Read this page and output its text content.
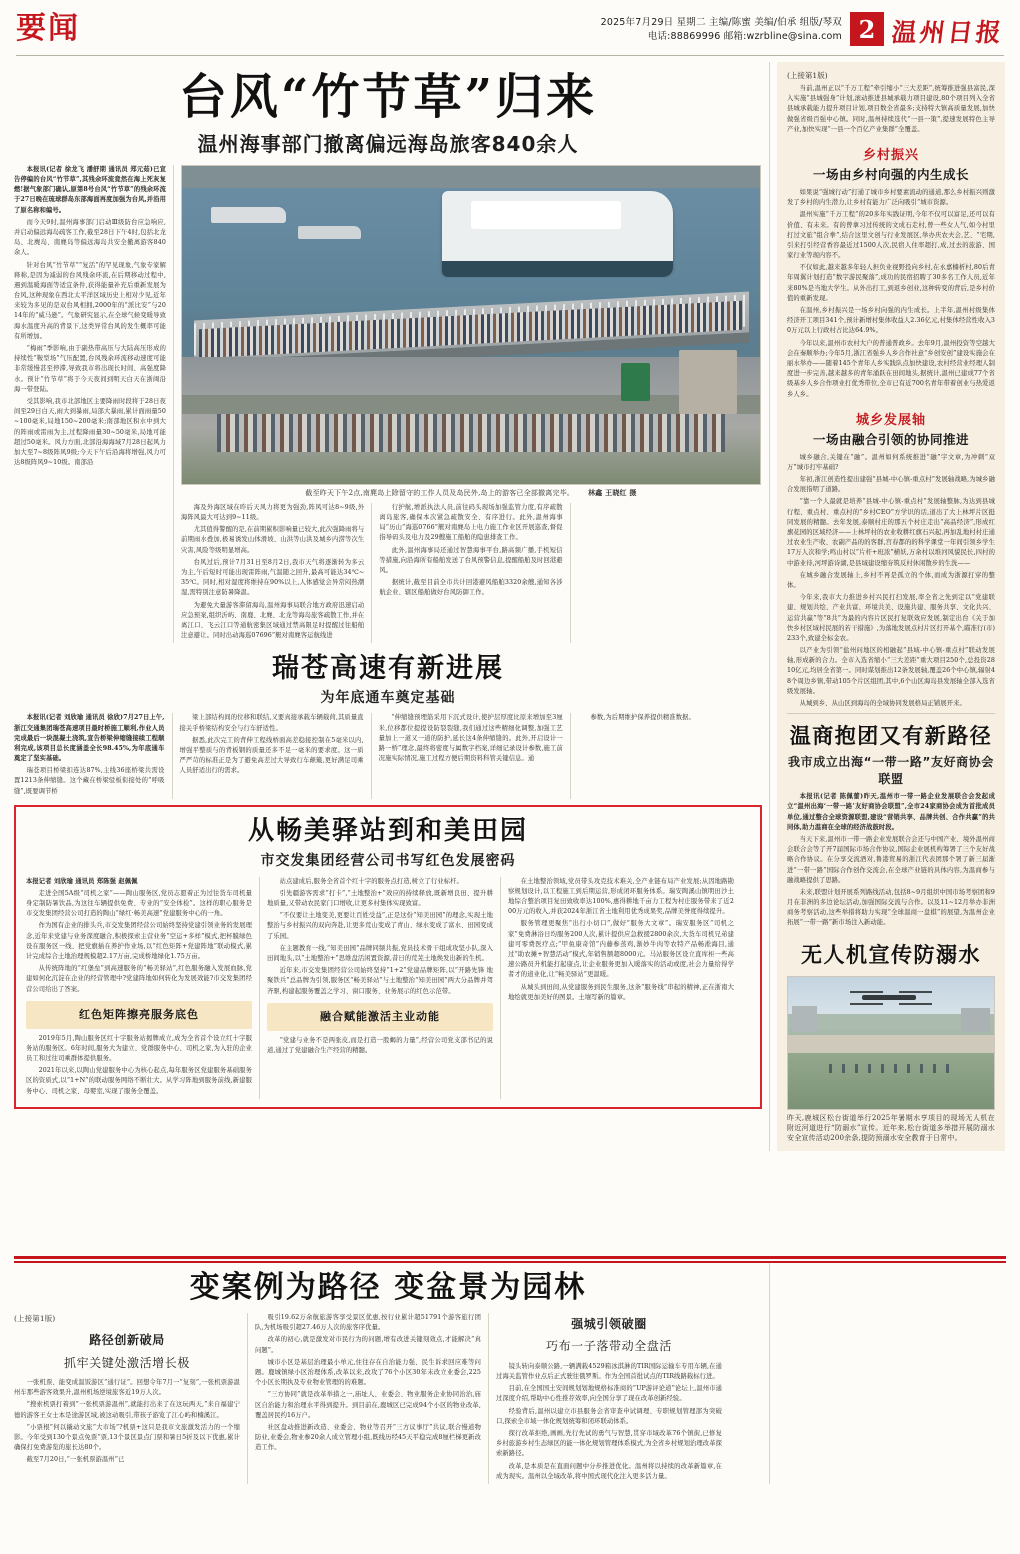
要闻	2025年7月29日 星期二 主编/陈蜜 美编/伯承 组版/琴双
电话:88869996 邮箱:wzrbline@sina.com 2 温州日报
台风“竹节草”归来
温州海事部门撤离偏远海岛旅客840余人

本报讯(记者 徐龙飞 潘舒期 通讯员 郑元茹)已宣告停编的台风“竹节草”,其残余环流竟然在海上死灰复燃!据气象部门确认,原第8号台风“竹节草”的残余环流于27日晚在琉球群岛东部海面再度加强为台风,并沿用了原名称和编号。

而今天9时,温州海事部门启动Ⅲ级防台应急响应,并启动偏远海岛疏客工作,截至28日下午4时,包括北龙岛、北麂岛、南麂岛等偏远海岛共安全撤离游客840余人。

针对台风“竹节草”“复活”的罕见现象,气象专家解释称,是因为减弱的台风残余环流,在后期移动过程中,遇到温暖海面等适宜条件,获得能量补充后重新发展为台风,这种现象在西北太平洋区域历史上相对少见,近年来较为多见的是双台风相拥,2000年的“派比安”与2014年的“威马逊”。气象研究显示,在全球气候变暖导致海水温度升高的背景下,这类异常台风的发生概率可能有所增加。

“梅雨”季影响,由于副热带高压与大陆高压形成的持续性“鞍型场”气压配置,台风残余环流移动速度可能非常缓慢甚至停滞,导致我市将出现长时间、高强度降水。预计“竹节草”将于今天夜间到明天白天在浙闽沿海一带登陆。

受其影响,我市北部地区主要降雨时段将于28日夜间至29日白天,雨大到暴雨,局部大暴雨,累计面雨量50~100毫米,局地150~200毫米;南部地区积水中到大的阵雨或雷雨为主,过程降雨量30~50毫米,局地可能超过50毫米。风力方面,北部沿海海域7月28日起风力加大至7~8级阵风9级;今天下午后沿海将增强,风力可达8级阵风9~10级。南部沿

截至昨天下午2点,南麂岛上除留守的工作人员及岛民外,岛上的游客已全部撤离完毕。 林鑫 王晓红 摄

海及外海区域在昨后天风力将更为强劲,阵风可达8~9级,外海阵风最大可达到9~11级。

尤其值得警醒的是,在前期累积影响量已较大,此次强降雨将与前期雨水叠加,极易诱发山体滑坡、山洪等山洪及城乡内涝等次生灾害,风险等级明显增高。

台风过后,预计7月31日至8月2日,我市天气将逐渐转为多云为主,午后短时可能出现雷阵雨,气温随之回升,最高可能达34℃~35℃。同时,相对湿度将维持在90%以上,人体感觉会异常闷热潮湿,需特别注意防暑降温。

为避免大量游客滞留海岛,温州海事局联合地方政府迅速启动应急预案,组织沂屿、南鹿、北麂、北龙等海岛旅客疏散工作,并在离江口、飞云江口等通航密集区域通过禁高限足时提醒过往船舶注意避让。同时出动海巡07696”艇对南麂客运航线进

行护航,增派执法人员,前往码头现场加强监管力度,有序疏散离岛旅客,确保本次紧急疏散安全、有序进行。此外,温州海事局“历山”海巡0766”艇对南麂岛上电力施工作业区开展巡查,督促指导码头及电力及29艘施工船舶的隐患排查工作。

此外,温州海事局还通过智慧海事平台,路高频广播,手机短信等措施,向沿海所有船舶发送了台风预警信息,提醒船舶及时回港避风。

据统计,截至目前全市共计回港避风船舶3320余艘,通知各涉航企业、辖区船舶做好台风防御工作。

瑞苍高速有新进展
为年底通车奠定基础

本报讯(记者 刘欣瑜 通讯员 徐欣)7月27日上午,浙江交通集团瑞苍高速项目最时桥施工顺利,作业人员完成最后一块混凝土浇筑,宣告桥梁伸缩缝接续工程顺利完成,该项目总长度涵盖全长98.45%,为年底通车奠定了坚实基础。

瑞苍项目桥梁扣连达87%,主线36座桥梁共需设置1213条伸缩缝。这个藏在桥梁驳板衔接处的“呼吸缝”,既要调节桥

梁上部结构间的位移和联结,又要真接承载车辆载荷,其质量直接关乎桥梁结构安全与行车舒适性。

据悉,此次完工的背伸工程线桥面高差稳接控制在5毫米以内,增强平整质与的背板钢的质量还多不足一毫米的要求度。这一质严严苛的标准正是为了避免高差过大导致行车颠簸,更好满足司乘人员舒适出行的需求。

“伸缩缝预埋筋采用下沉式设计,使护层厚度比原来增加至3厘米,位移都位提提设防裂裂缝,我们通过这些精细化调整,加强工艺量加上一道又一道的防护,延长这4条伸缩缝的。此外,开启设计一路一桥”理念,最终将密度与属数字档案,详细记录设计参数,施工前况施实际情况,施工过程方便后期资料科管关键信息。通

参数,为后期维护保养提供精准数据。

从畅美驿站到和美田园
市交发集团经营公司书写红色发展密码

本报记者 刘欣瑜 通讯员 郑陈强 赵佩佩

走进全国5A级“司机之家”——陶山服务区,党员志愿着正为过往货车司机量身定制防暑饮品,为这往车辆提供免费、专业的“安全体检”。这样的职心服务是市交发集团经营公司打造的陶山“绿红·畅美高速”党建服务中心的一角。

作为国有企业的排头兵,市交发集团经营公司始终坚持党建引领业务的发展理念,近年来党建与业务深度融合,积极探索主营业务“空运+多样”模式,把杯膜绿色设在服务区一线、把党旗插在养护作业场,以“红色矩阵+党建阵地”联动模式,累计完成综合土地治理规模超2.17万亩,完成桥地绿化1.75万亩。

从传统阵地的“红堡垒”到高速服务的“畅美驿站”,红色服务融入发展血脉,党建如何化沉淀在企业的经营管理中?党建阵地如何转化为发展效能?市交发集团经营公司给出了答案。

红色矩阵擦亮服务底色

2019年5月,陶山服务区红十字服务站揭牌成立,成为全省首个设立红十字服务站的服务区。6年时间,服务大为建立、党群服务中心、司机之家,为入驻的企业员工和过往司乘群体提供服务。

2021年以来,以陶山党建服务中心为核心起点,每年服务区党建服务基础服务区的资质式,以“1+N”的联动服务网络不断壮大。从学习阵地到服务前线,新建服务中心、司机之家、母婴室,实现了服务全覆盖。

站点建成后,服务全省首个红十字的服务点打造,树立了行业标杆。

引先疆游客需求“打卡”,“土地整治+”效应的持续释放,既新增良田、提升耕地质量,又带动农民家门口增收,让更多村集体实现致富。

“不仅要让土地变美,更要让百姓受益”,正是这份“知美田园”的理念,实现土地整治与乡村振兴的双向奔赴,让更多荒山变成了青山、绿水变成了富水、田园变成了乐园。

在主题教育一线,“知美田园”品牌同频共振,党员技术骨干组成攻坚小队,深入田间地头,以“土地整治+”思维盘活闲置资源,昔日的荒芜土地焕发出新的生机。

近年来,市交发集团经营公司始终坚持“1+2”党建品牌矩阵,以“开路先锋 地聚铁兵”总品牌为引领,服务区“畅美驿站”与土地整治“知美田园”两大分品牌并驾齐驱,构建起服务覆盖之学习、窗口服务、业务展示的红色示范带。

融合赋能激活主业动能

“党建与业务不是两张皮,而是打造一股蝎的力量”,经营公司党支部书记的说道,通过了党建融合生产经营的精髓。

在土地整治领域,党员带头攻克技术难关,全产业链布局产业发展;从因地路勘察规划设计,以工程施工到后期运营,形成闭环服务体系。瑞安陶溪山镇明田沙土地综合整治项目复田致收率达100%,惠得耕地千亩力工程为村庄服务带来了近200万元的收入,并获2024年浙江省土地利用优秀成果奖,品牌美誉度得续提升。

服务管理更聚焦“出行小切口”,做好“服务大文章”。瑞安服务区“司机之家”免费淋浴日均服务200人次,累计提供应急救援2800余次,大货车司机兄弟建建可零费医疗点;“甲鱼康奇馆”内藤参蒸鸡,渐妙牛肉等农特产品畅淞海目,通过“助农摊+智慧活动”模式,年销售额超8000元。马站服务区设立直库柜一些高速公路员升机能打起康点,让企业服务更加入暖落实的活动或度,社会力量给得学者才的道业化,让“畅美驿站”更温暖。

从城头到田间,从党建服务到民生服务,这条“服务线”串起的精神,正在浙南大地绘就更加美好的图景。土壤写新的篇章。

(上接第1版)

当前,温州正以“千万工程”牵引缩小“三大差距”,统筹推进强县富民,深入实施“县城强身”计划,滚动推进县城承载力项目建设,80个项目列入全省县城承载能力提升项目计划,项目数全省最多;支持特大镇高质量发展,加快做强省级百强中心镇。同时,温州持续选代“一县一策”,提速发展特色主导产业,加快实现“一县一个百亿产业集群”全覆盖。

乡村振兴
一场由乡村向强的内生成长

如果说“强城行动”打通了城市乡村要素流动的通道,那么乡村振兴则激发了乡村的内生潜力,让乡村有能力广泛向吸引“城市资源。

温州实施“千万工程”的20多年实践证明,今年不仅可以富足,还可以有价值、有未来。有的曾拿习过传统的文成石走村,曾一些女人气,如今村里打过文旅“组合拳”,结合这里文创与行业发展区,举办庆农夫会,艺、“宅期,引来打引经营香容最近过1500人次,民宿人住率超打,成,过去的旅游、国家行业等现内容不。

不仅如此,越来越多年轻人担负业视野投向乡村,在永嘉楠析村,80后青年周翼计划打造“数字游民聚落”,成功的民宿招聘了30多名工作人员,近年来80%是当地大学生。从外出打工,到返乡创业,这种转变的背后,是乡村价值的重新发现。

在温州,乡村振兴是一场乡村向强的内生成长。上半年,温州村级集体经济开工项目341个,预计新增村集体收益人2.36亿元,村集体经营性收入30万元以上行政村占比达64.9%。

今年以来,温州市农村大户的普通普政乡。去年9月,温州投资等空越大会在秦顺举办;今年5月,浙江省强乡人乡合作社意“乡创安创”建设实施会在丽水举办——随着145个青年人乡实践队点加快建设,农村经营业经理人制度进一步完善,越来越多的青年涌跃在田间地头,据统计,温州已建成77个省级基乡人乡合作项业打优秀带位,全市已有近700名青年带着创业与热爱返乡人乡。

城乡发展轴
一场由融合引领的协同推进

城乡融合,关键在“融”。温州如何系统推进“融”字文章,为冲刺“双万”城市打牢基础?

年初,浙江创造性提出建强“县城-中心镇-重点村”发展轴战略,为城乡融合发展指明了道路。

“靠一个人最就是培养“县城-中心镇-重点村”发展轴整脉,为达到县城行程、重点村、重点村的“乡村CEO”方学识的话,道出了大上林坪片区挺同发展的精髓。去年发展,泰顺村庄的那五个村庄走出“高品经济”,形成红旗花园的区域经济——上林坪村的农业收耕红旗石兴起,再加乱地村村庄通过农业生产收、农副产品的的客群,宫春都的的科学课堂一年间引领乡学生17万人次和学;鸣山村以“片杆+班浓”横妖,万余村以堆河风貌民长,四村的中游业待,河坪游诗湖,是县域建设缩夯筑反村休闲散步的生洗——

在城乡融合发展轴上,乡村不再是孤立的个体,而成为浙源打穿的整体。

今年来,我市大力推进乡村兴民打扫发展,率全省之先到定以“党建联建、规划共绘、产业共富、环境共美、设施共建、服务共享、文化共兴、运营共赢”等“8共”为最的内容片区民打复联效应发展,制定出台《关于加快乡村区域村民展的若干措施》,为落地发展点村片区打开基个,瞄准行(市)233个,致建全标金农。

以产业为引领“盐州问地区的相融起“县域-中心镇-重点村”联动发展轴,形成新的合力。全市入选省缩小“三大差距”重大项目250个,总投资2810亿元,均居全省第一。同时谋划推出12条发展轴,覆盖26个中心镇,辐射48个周边乡镇,带动105个片区组团,其中,6个山区海岛县发展轴全部入选省级发展轴。

从城到乡、从山区到海岛的全域协同发展格局正铺展开来。

温商抱团又有新路径
我市成立出海“一带一路”友好商协会联盟

本报讯(记者 陈佩蕾)昨天,温州市一带一路企业发展联合会发起成立“温州出海‘一带一路’友好商协会联盟”,全市24家商协会成为首批成员单位,通过整合全球资源联盟,建设“营销共享、品牌共创、合作共赢”的共同体,助力温商在全球的经济战鼓时段。

当天下来,温州市一带一路企业发展联合会还与中国产业、境外温州商会联合会等了开7届国际市场合作协议,国际企业展机构筹署了三个友好战略合作协议。在分享交流酒对,鲁港贸易的浙江代表团那个署了新三届渐进“一带一路”国际合作创作交流会,在全球产业链的具体内容,为温商参与融战略提供了思路。

未来,联盟计划开展系列路线活动,包括8~9月组织中国市场考察团和9月在非洲的多边论坛活动,加强国际交流与合作。以及11~12月举办非洲商务考察活动,这些举措将助力实现“全球温商一盘棋”的展望,为温州企业拓展“一带一路”新市场注入新动能。

无人机宣传防溺水
昨天,鹿城区松台街道举行2025年暑期水亨项目的现场无人机在附近河道进行“防溺水”宣传。近年来,松台街道多举措开展防溺水安全宣传活动200余条,提防预溺水安全教育于日常中。
变案例为路径 变盆景为园林
(上接第1版)
路径创新破局
抓牢关键处激活增长极

一张机票、能变成温饭游区“通行证”。回想令年7月一“复刻”,一张机票游温州车那些游客效果升,温州机场逆境旅客近19万人次。

“搜索机票打着到”一张机票游温州”,就能打出来了在这玩两天,”来自福建宁德的游客王女士本是途游区域,被这动吸引,带孩子游览了江心屿和楠溪江。

“小票根”何以撬动文旅“大市场”?机票+这只是我市文旅激发活力的一个缩影。今年受到130个景点免票“票,13个景区景点门票和暑日5折及以下优惠,累计确保打免费游览的旅长达80个。

截至7月20日,“一张机票游温州”已

吸引19.62万余航旅游客享受景区优惠,按行业累计超51791个游客旅行团队,为机场吸引超27.46万人次的旅客序优量。

改革的初心,就是激发对市民行为的问题,增有改进关键刻效点,才能解决“真问题”。

城市小区是基层治理最小单元,住往存在自治能力强、民生诉求回应难等问题。鹿城镇绿小区治理体系,改革以来,改攻了76个小区30年未改立业委会,225个小区长期执及专业物业管理的的难题。

“三方协同”就是改革举措之一,庙址人、业委会、物业服务企业协同治治,庙区自治能力和治理水平得到提升。到目前在,鹿城区已完成94个小区的物业改革,覆盖居民约16万户。

社区盘动推进新改造、业委会、物业等召开“三方议事厅”共议,联合慢道物防业,业委会,物业参20余人成立管理小组,既线历经45天平稳完成8厘栏梯更新改造工作。

强城引领破圈
巧布一子落带动全盘活

镜头转向泰顺公路,一辆满载4529箱冰淇淋的TIR国际运输车专用车辆,在通过海关监管作业点后正式驶往俄罗斯。作为全国首批试点的TIR线路载标行进。

目前,在全国国土安间规划划地规格标准商的“UP游评论道”论坛上,温州市通过深度介绍,帮助中心性推荐效率,向全国分享了现在改革创新经验。

经验背后,温州以建立市县服务会省审查申试调理、专职规划管理部为突破口,探索全市域一体化规划统筹和闭环联动体系。

探行改革拒绝,画画,先行先试的勇气与智慧,贯穿市域改革76个镇街,已修复乡村旅游乡村生态绿区的能一体化规划管理体系模式,为全省乡村规划治理改革探索新路径。

改革,是本质是在直面问题中分步推进优化。温州将以持续的改革新篇章,在成为现实。温州以全域改革,将中国式现代化注入更多活力量。
